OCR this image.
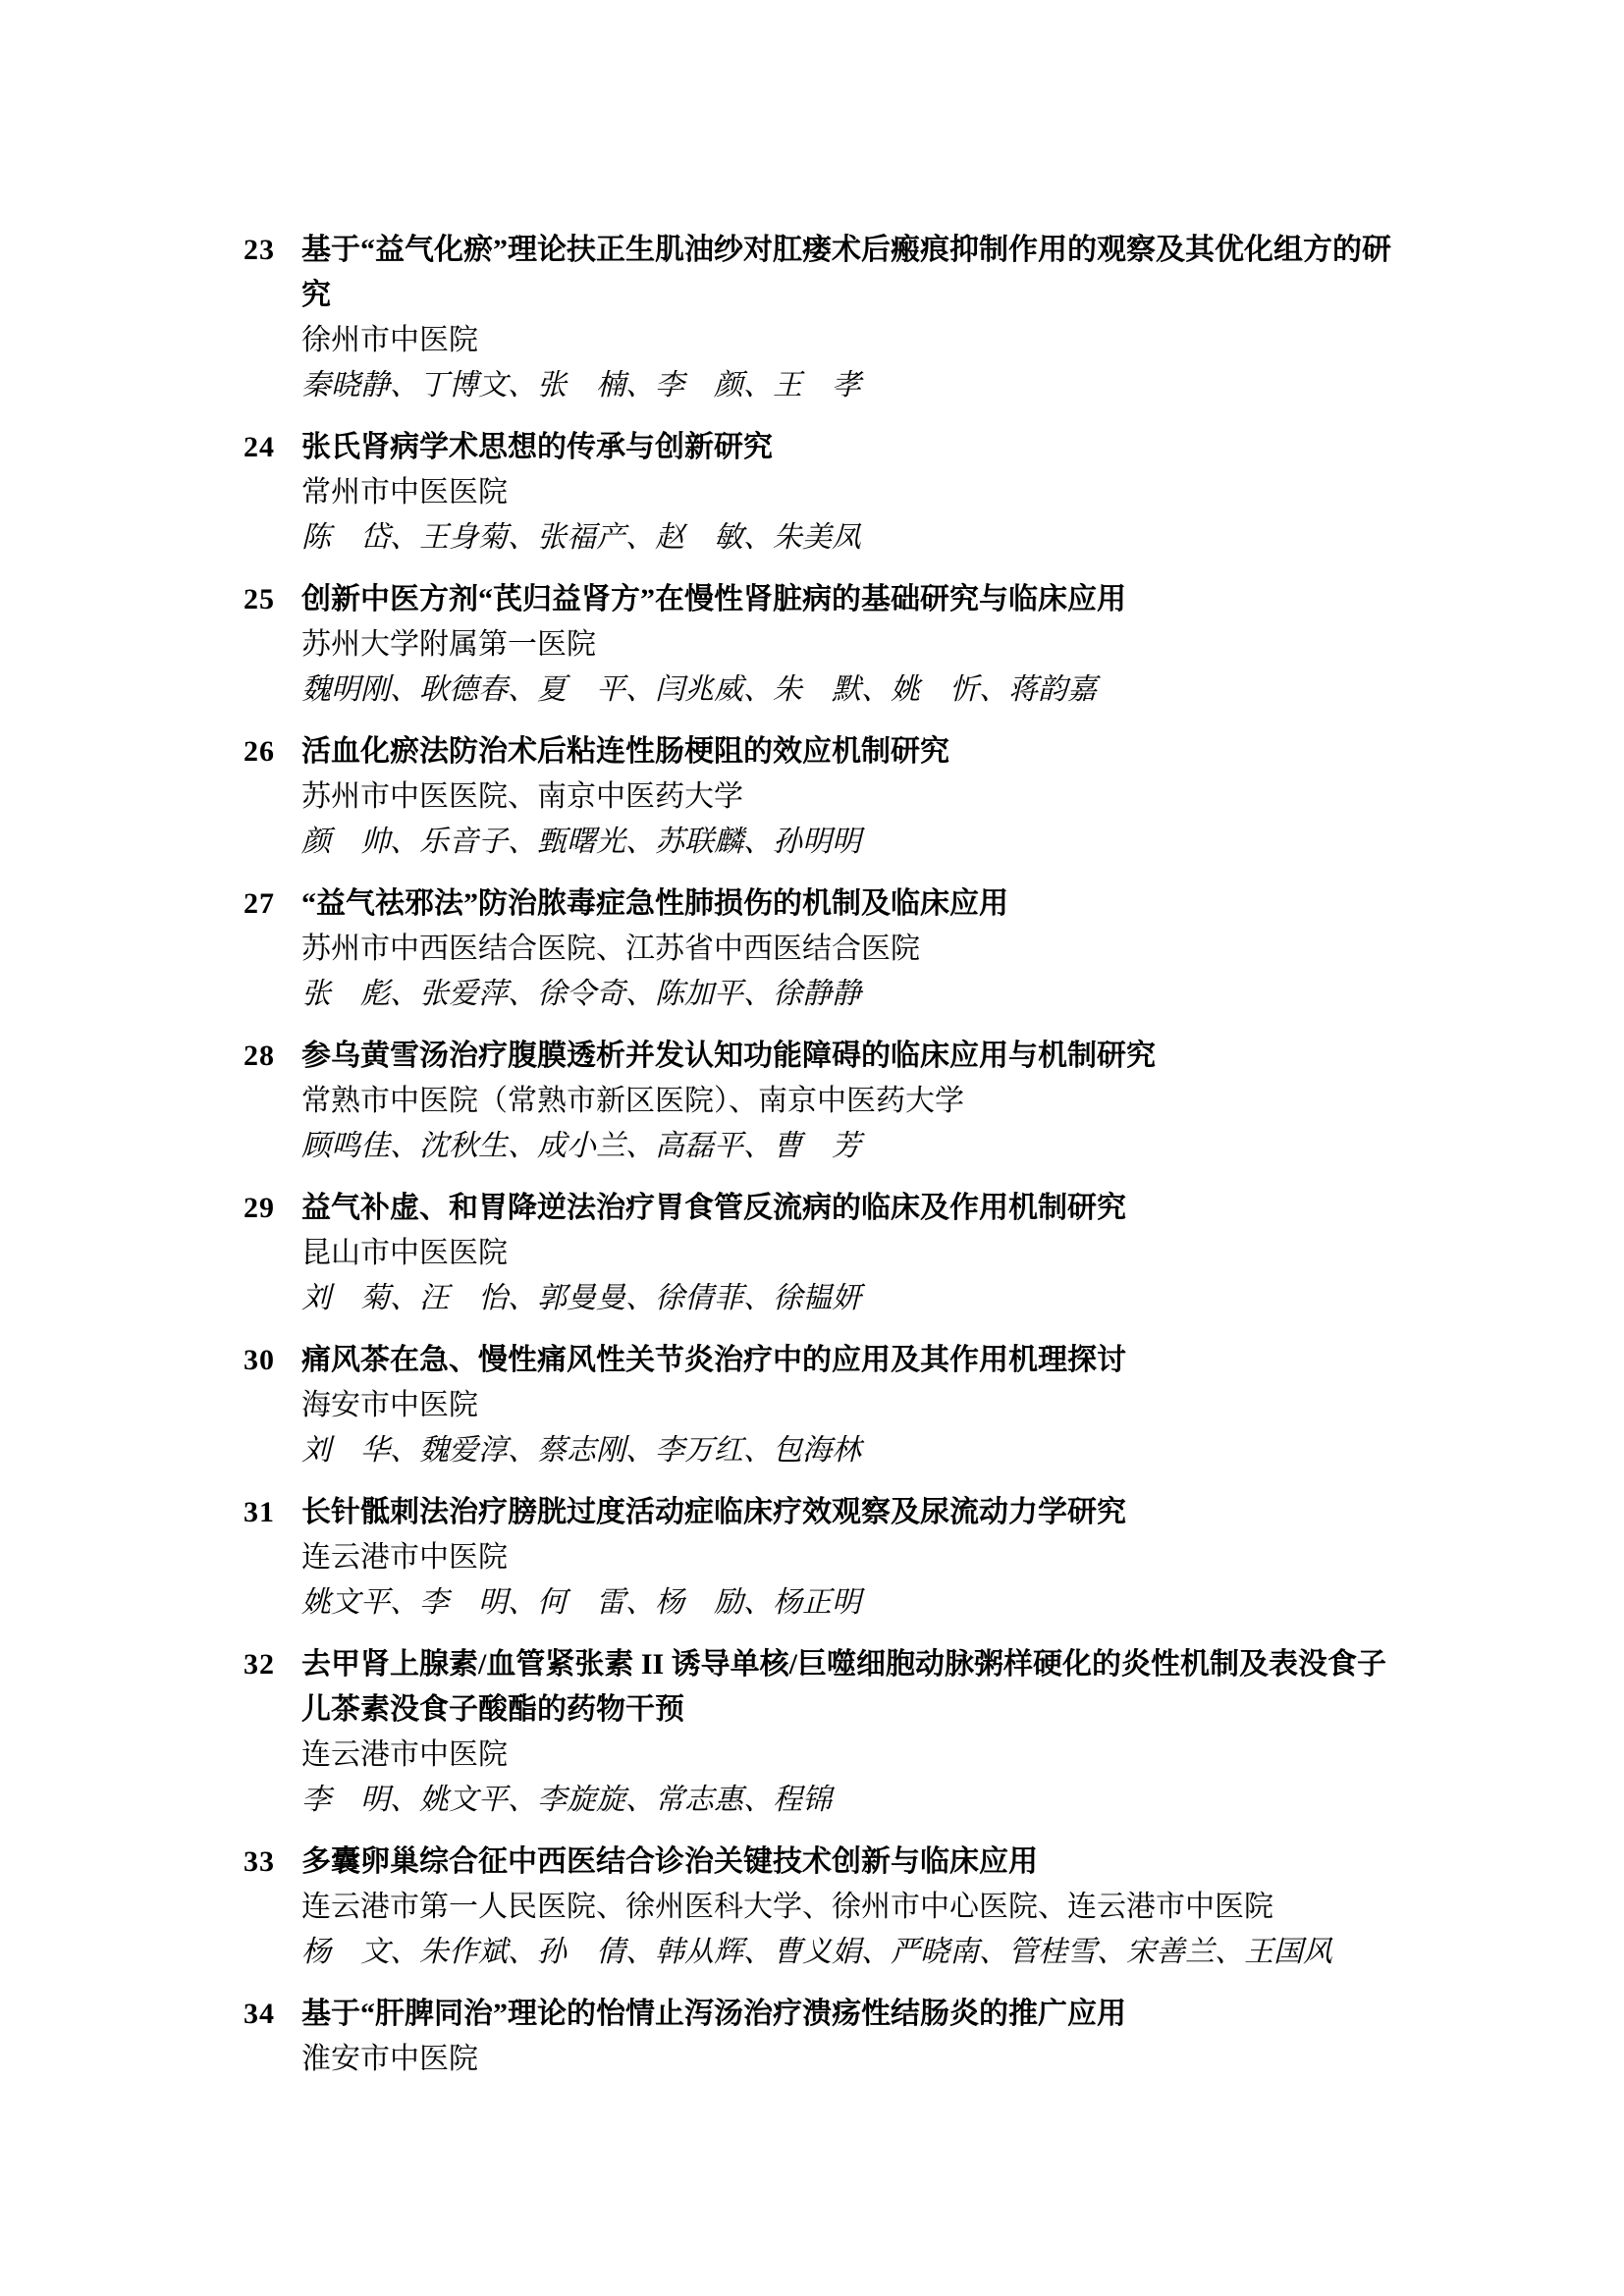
23 基于“益气化瘀”理论扶正生肌油纱对肛瘘术后瘢痕抑制作用的观察及其优化组方的研究
徐州市中医院
秦晓静、丁博文、张　楠、李　颜、王　孝
24 张氏肾病学术思想的传承与创新研究
常州市中医医院
陈　岱、王身菊、张福产、赵　敏、朱美凤
25 创新中医方剂“芪归益肾方”在慢性肾脏病的基础研究与临床应用
苏州大学附属第一医院
魏明刚、耿德春、夏　平、闫兆威、朱　默、姚　忻、蒋韵嘉
26 活血化瘀法防治术后粘连性肠梗阻的效应机制研究
苏州市中医医院、南京中医药大学
颜　帅、乐音子、甄曙光、苏联麟、孙明明
27 “益气祛邪法”防治脓毒症急性肺损伤的机制及临床应用
苏州市中西医结合医院、江苏省中西医结合医院
张　彪、张爱萍、徐令奇、陈加平、徐静静
28 参乌黄雪汤治疗腹膜透析并发认知功能障碍的临床应用与机制研究
常熟市中医院（常熟市新区医院）、南京中医药大学
顾鸣佳、沈秋生、成小兰、高磊平、曹　芳
29 益气补虚、和胃降逆法治疗胃食管反流病的临床及作用机制研究
昆山市中医医院
刘　菊、汪　怡、郭曼曼、徐倩菲、徐韫妍
30 痛风茶在急、慢性痛风性关节炎治疗中的应用及其作用机理探讨
海安市中医院
刘　华、魏爱淳、蔡志刚、李万红、包海林
31 长针骶刺法治疗膀胱过度活动症临床疗效观察及尿流动力学研究
连云港市中医院
姚文平、李　明、何　雷、杨　励、杨正明
32 去甲肾上腺素/血管紧张素 II 诱导单核/巨噬细胞动脉粥样硬化的炎性机制及表没食子儿茶素没食子酸酯的药物干预
连云港市中医院
李　明、姚文平、李旋旋、常志惠、程锦
33 多囊卵巢综合征中西医结合诊治关键技术创新与临床应用
连云港市第一人民医院、徐州医科大学、徐州市中心医院、连云港市中医院
杨　文、朱作斌、孙　倩、韩从辉、曹义娟、严晓南、管桂雪、宋善兰、王国风
34 基于“肝脾同治”理论的怡情止泻汤治疗溃疡性结肠炎的推广应用
淮安市中医院
